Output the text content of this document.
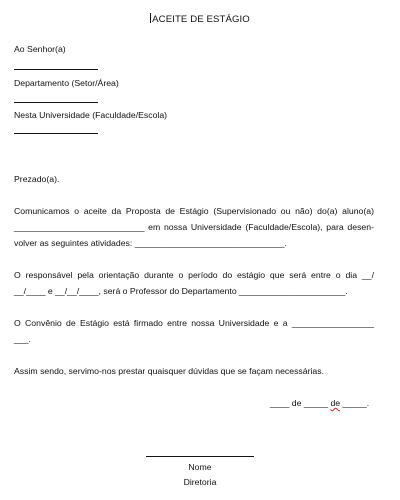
ACEITE DE ESTÁGIO
Ao Senhor(a)
Departamento (Setor/Área)
Nesta Universidade (Faculdade/Escola)
Prezado(a).
Comunicamos o aceite da Proposta de Estágio (Supervisionado ou não) do(a) aluno(a)
___________________________ em nossa Universidade (Faculdade/Escola), para desen-
volver as seguintes atividades: _______________________________.
O responsável pela orientação durante o período do estágio que será entre o dia __/
__/____ e __/__/____, será o Professor do Departamento ______________________.
O Convênio de Estágio está firmado entre nossa Universidade e a _________________
___.
Assim sendo, servimo-nos prestar quaisquer dúvidas que se façam necessárias.
____ de _____ de _____.
Nome
Diretoria
